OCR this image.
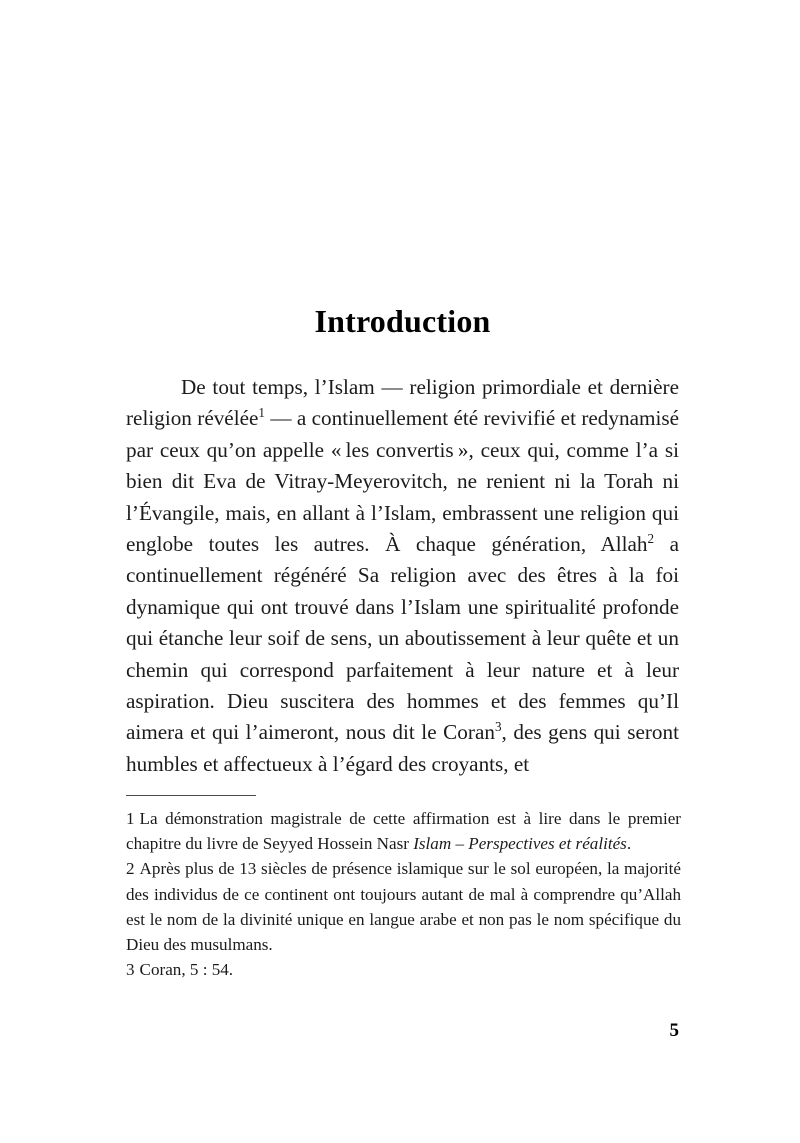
Introduction

De tout temps, l’Islam — religion primordiale et dernière religion révélée$^1$ — a continuellement été revivifié et redynamisé par ceux qu’on appelle « les convertis », ceux qui, comme l’a si bien dit Eva de Vitray-Meyerovitch, ne renient ni la Torah ni l’Évangile, mais, en allant à l’Islam, embrassent une religion qui englobe toutes les autres. À chaque génération, Allah$^2$ a continuellement régénéré Sa religion avec des êtres à la foi dynamique qui ont trouvé dans l’Islam une spiritualité profonde qui étanche leur soif de sens, un aboutissement à leur quête et un chemin qui correspond parfaitement à leur nature et à leur aspiration. Dieu suscitera des hommes et des femmes qu’Il aimera et qui l’aimeront, nous dit le Coran$^3$, des gens qui seront humbles et affectueux à l’égard des croyants, et

1 La démonstration magistrale de cette affirmation est à lire dans le premier chapitre du livre de Seyyed Hossein Nasr Islam – Perspectives et réalités.

2 Après plus de 13 siècles de présence islamique sur le sol européen, la majorité des individus de ce continent ont toujours autant de mal à comprendre qu’Allah est le nom de la divinité unique en langue arabe et non pas le nom spécifique du Dieu des musulmans.

3 Coran, 5 : 54.

5
